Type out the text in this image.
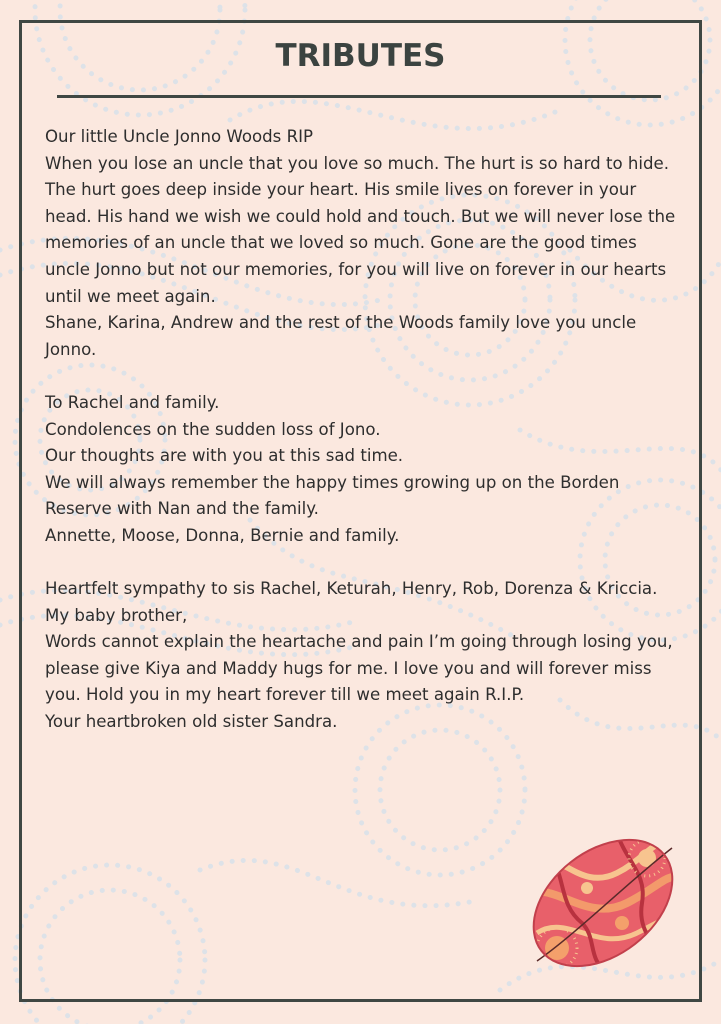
TRIBUTES

Our little Uncle Jonno Woods RIP

When you lose an uncle that you love so much. The hurt is so hard to hide. The hurt goes deep inside your heart. His smile lives on forever in your head. His hand we wish we could hold and touch. But we will never lose the memories of an uncle that we loved so much. Gone are the good times uncle Jonno but not our memories, for you will live on forever in our hearts until we meet again.

Shane, Karina, Andrew and the rest of the Woods family love you uncle Jonno.

To Rachel and family.

Condolences on the sudden loss of Jono.

Our thoughts are with you at this sad time.

We will always remember the happy times growing up on the Borden Reserve with Nan and the family.

Annette, Moose, Donna, Bernie and family.

Heartfelt sympathy to sis Rachel, Keturah, Henry, Rob, Dorenza & Kriccia.

My baby brother,

Words cannot explain the heartache and pain I’m going through losing you, please give Kiya and Maddy hugs for me. I love you and will forever miss you. Hold you in my heart forever till we meet again R.I.P.

Your heartbroken old sister Sandra.
